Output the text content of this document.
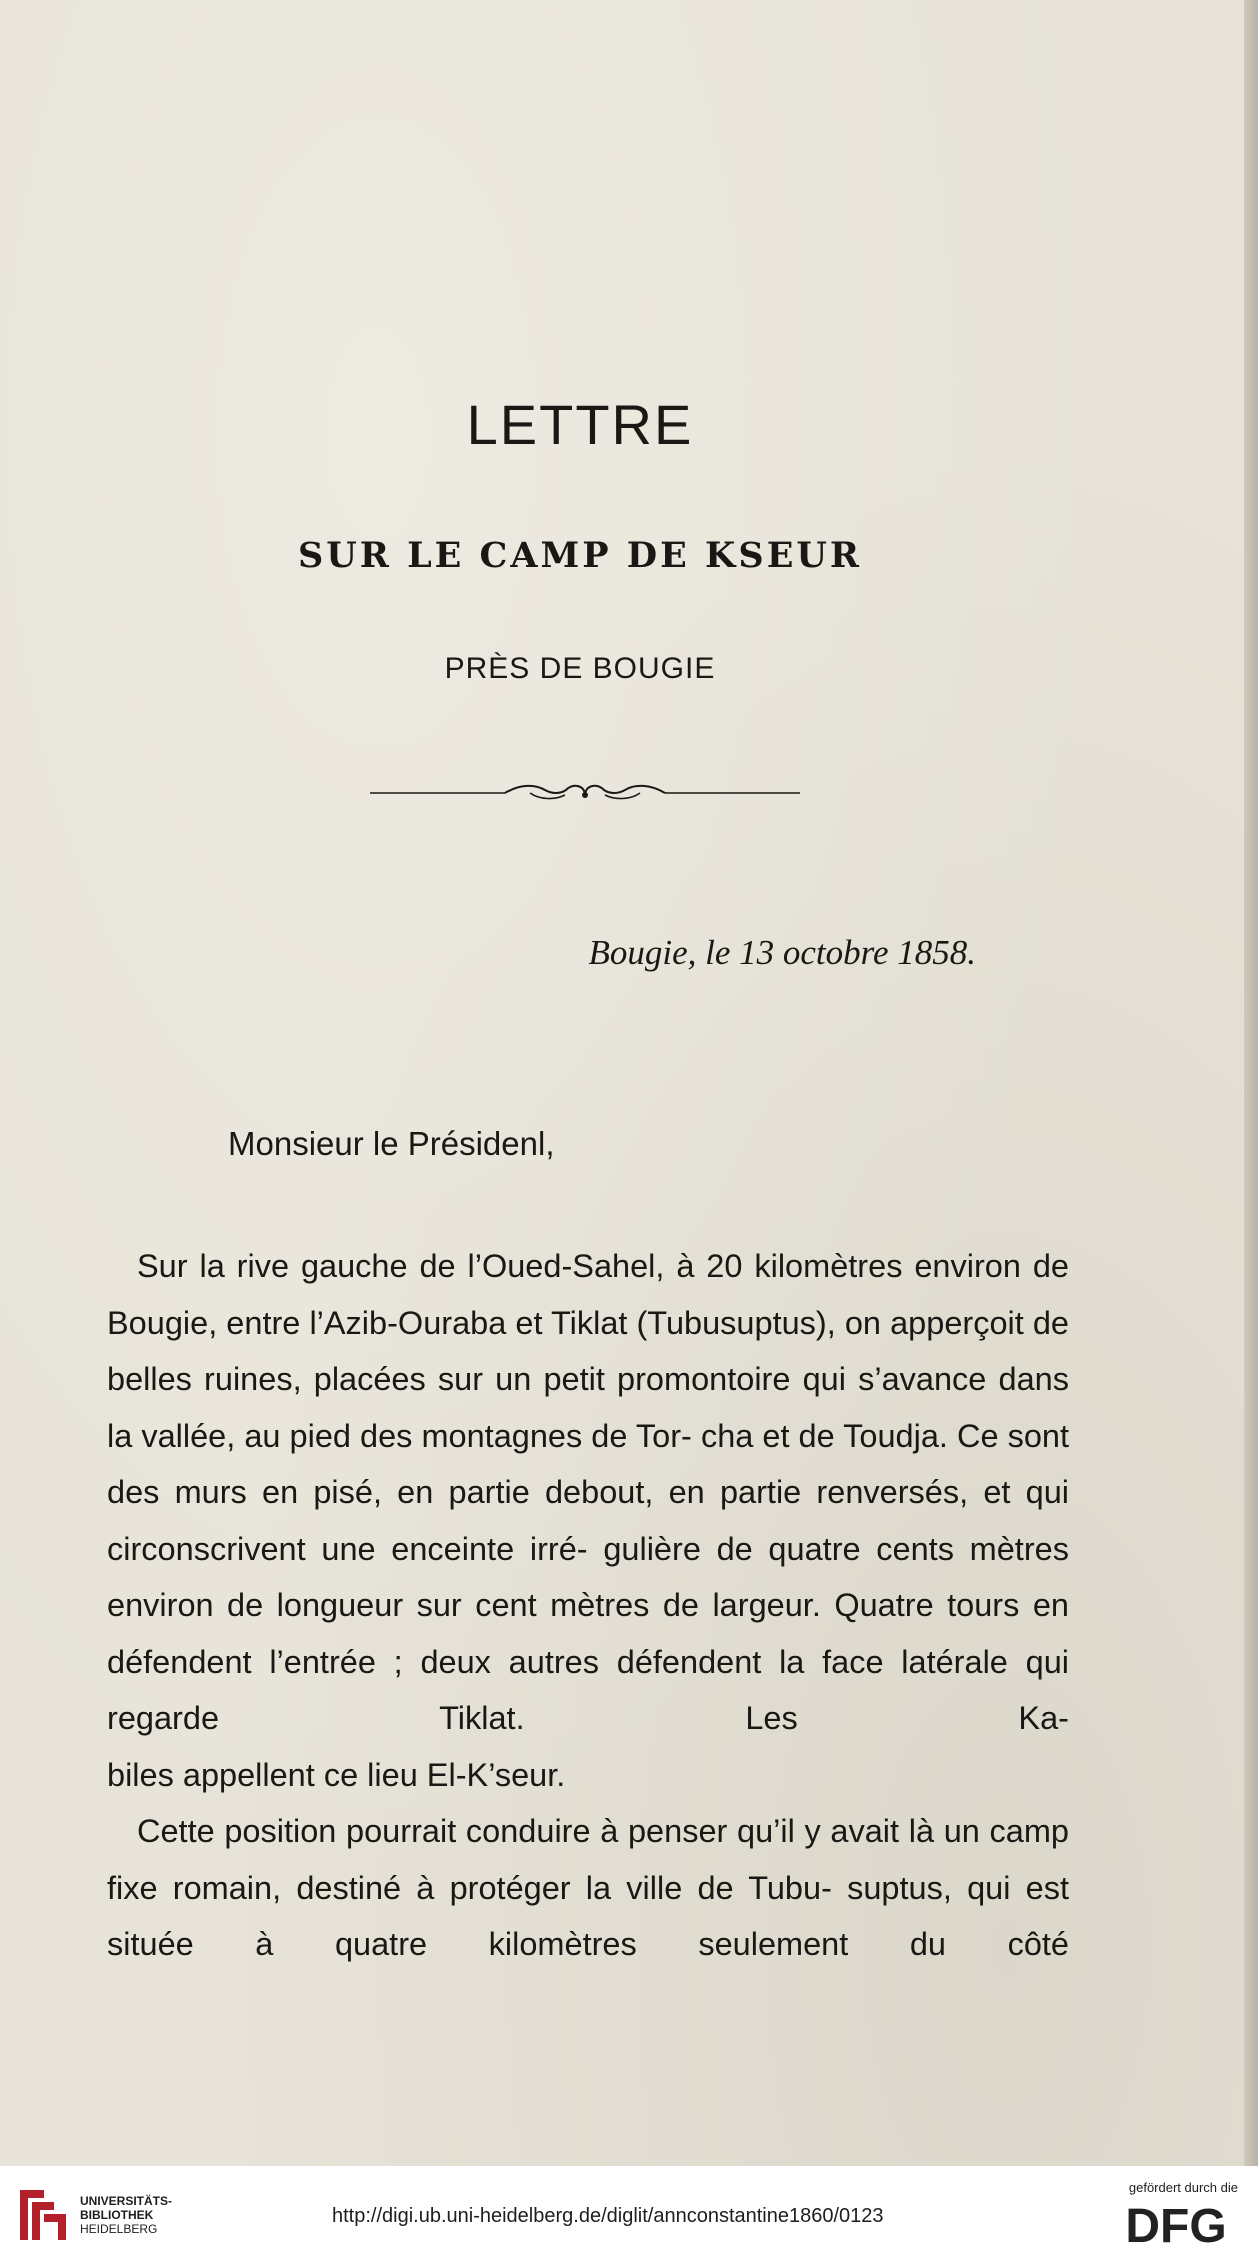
LETTRE
SUR LE CAMP DE KSEUR
PRÈS DE BOUGIE
Bougie, le 13 octobre 1858.
Monsieur le Présidenl,

Sur la rive gauche de l’Oued-Sahel, à 20 kilomètres environ de Bougie, entre l’Azib-Ouraba et Tiklat (Tubusuptus), on apperçoit de belles ruines, placées sur un petit promontoire qui s’avance dans la vallée, au pied des montagnes de Tor- cha et de Toudja. Ce sont des murs en pisé, en partie debout, en partie renversés, et qui circonscrivent une enceinte irré- gulière de quatre cents mètres environ de longueur sur cent mètres de largeur. Quatre tours en défendent l’entrée ; deux autres défendent la face latérale qui regarde Tiklat. Les Ka-

biles appellent ce lieu El-K’seur.

Cette position pourrait conduire à penser qu’il y avait là un camp fixe romain, destiné à protéger la ville de Tubu- suptus, qui est située à quatre kilomètres seulement du côté

UNIVERSITÄTS-
BIBLIOTHEK
HEIDELBERG
http://digi.ub.uni-heidelberg.de/diglit/annconstantine1860/0123
gefördert durch die
DFG
